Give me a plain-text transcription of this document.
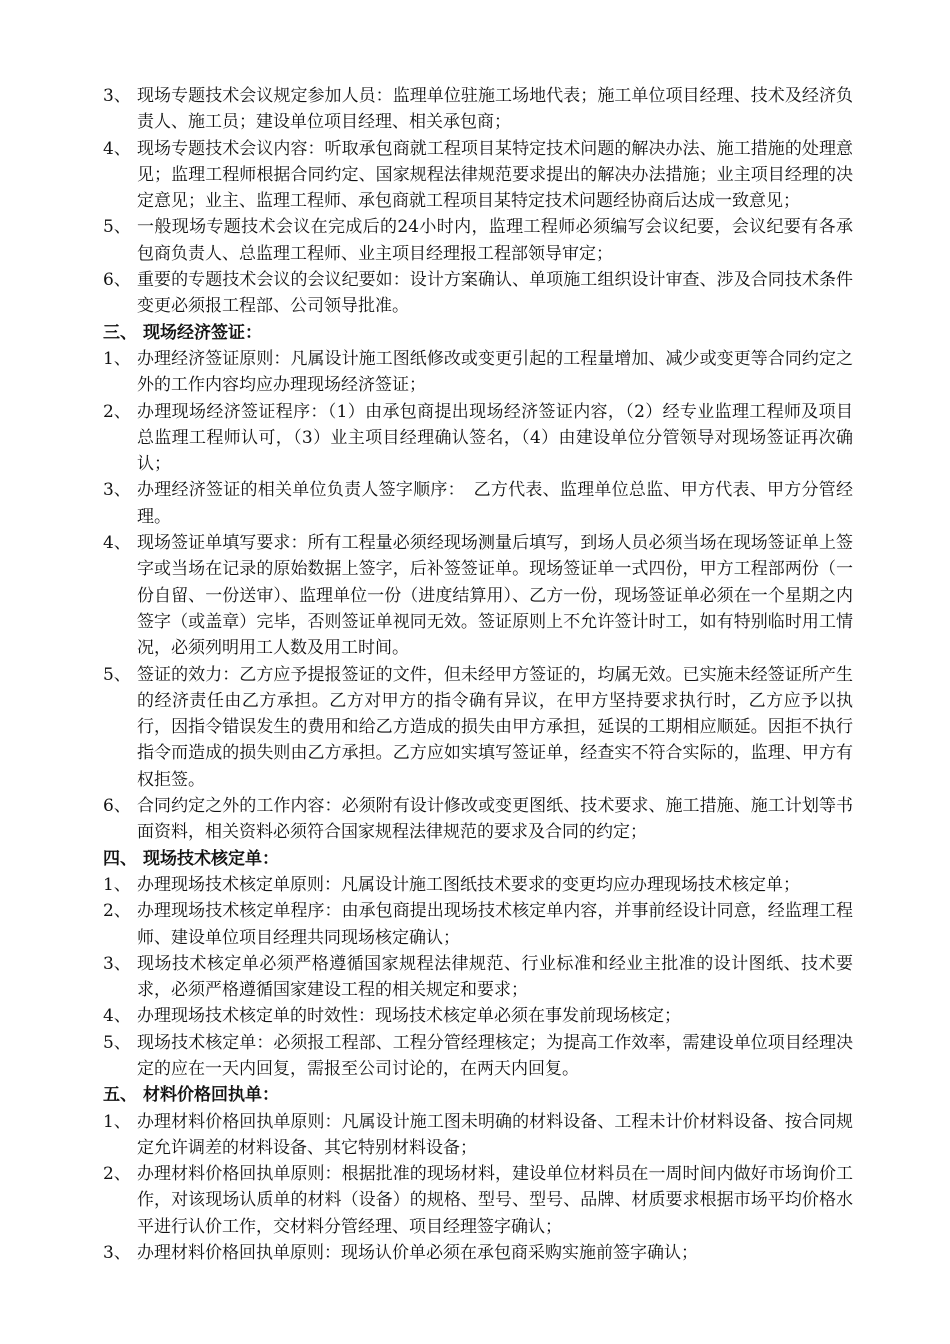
3、 现场专题技术会议规定参加人员：监理单位驻施工场地代表；施工单位项目经理、技术及经济负责人、施工员；建设单位项目经理、相关承包商；
4、 现场专题技术会议内容：听取承包商就工程项目某特定技术问题的解决办法、施工措施的处理意见；监理工程师根据合同约定、国家规程法律规范要求提出的解决办法措施；业主项目经理的决定意见；业主、监理工程师、承包商就工程项目某特定技术问题经协商后达成一致意见；
5、 一般现场专题技术会议在完成后的24小时内，监理工程师必须编写会议纪要，会议纪要有各承包商负责人、总监理工程师、业主项目经理报工程部领导审定；
6、 重要的专题技术会议的会议纪要如：设计方案确认、单项施工组织设计审查、涉及合同技术条件变更必须报工程部、公司领导批准。
三、 现场经济签证：
1、 办理经济签证原则：凡属设计施工图纸修改或变更引起的工程量增加、减少或变更等合同约定之外的工作内容均应办理现场经济签证；
2、 办理现场经济签证程序：（1）由承包商提出现场经济签证内容，（2）经专业监理工程师及项目总监理工程师认可，（3）业主项目经理确认签名，（4）由建设单位分管领导对现场签证再次确认；
3、 办理经济签证的相关单位负责人签字顺序：　乙方代表、监理单位总监、甲方代表、甲方分管经理。
4、 现场签证单填写要求：所有工程量必须经现场测量后填写，到场人员必须当场在现场签证单上签字或当场在记录的原始数据上签字，后补签签证单。现场签证单一式四份，甲方工程部两份（一份自留、一份送审）、监理单位一份（进度结算用）、乙方一份，现场签证单必须在一个星期之内签字（或盖章）完毕，否则签证单视同无效。签证原则上不允许签计时工，如有特别临时用工情况，必须列明用工人数及用工时间。
5、 签证的效力：乙方应予提报签证的文件，但未经甲方签证的，均属无效。已实施未经签证所产生的经济责任由乙方承担。乙方对甲方的指令确有异议，在甲方坚持要求执行时，乙方应予以执行，因指令错误发生的费用和给乙方造成的损失由甲方承担，延误的工期相应顺延。因拒不执行指令而造成的损失则由乙方承担。乙方应如实填写签证单，经查实不符合实际的，监理、甲方有权拒签。
6、 合同约定之外的工作内容：必须附有设计修改或变更图纸、技术要求、施工措施、施工计划等书面资料，相关资料必须符合国家规程法律规范的要求及合同的约定；
四、 现场技术核定单：
1、 办理现场技术核定单原则：凡属设计施工图纸技术要求的变更均应办理现场技术核定单；
2、 办理现场技术核定单程序：由承包商提出现场技术核定单内容，并事前经设计同意，经监理工程师、建设单位项目经理共同现场核定确认；
3、 现场技术核定单必须严格遵循国家规程法律规范、行业标准和经业主批准的设计图纸、技术要求，必须严格遵循国家建设工程的相关规定和要求；
4、 办理现场技术核定单的时效性：现场技术核定单必须在事发前现场核定；
5、 现场技术核定单：必须报工程部、工程分管经理核定；为提高工作效率，需建设单位项目经理决定的应在一天内回复，需报至公司讨论的，在两天内回复。
五、 材料价格回执单：
1、 办理材料价格回执单原则：凡属设计施工图未明确的材料设备、工程未计价材料设备、按合同规定允许调差的材料设备、其它特别材料设备；
2、 办理材料价格回执单原则：根据批准的现场材料，建设单位材料员在一周时间内做好市场询价工作，对该现场认质单的材料（设备）的规格、型号、型号、品牌、材质要求根据市场平均价格水平进行认价工作，交材料分管经理、项目经理签字确认；
3、 办理材料价格回执单原则：现场认价单必须在承包商采购实施前签字确认；
